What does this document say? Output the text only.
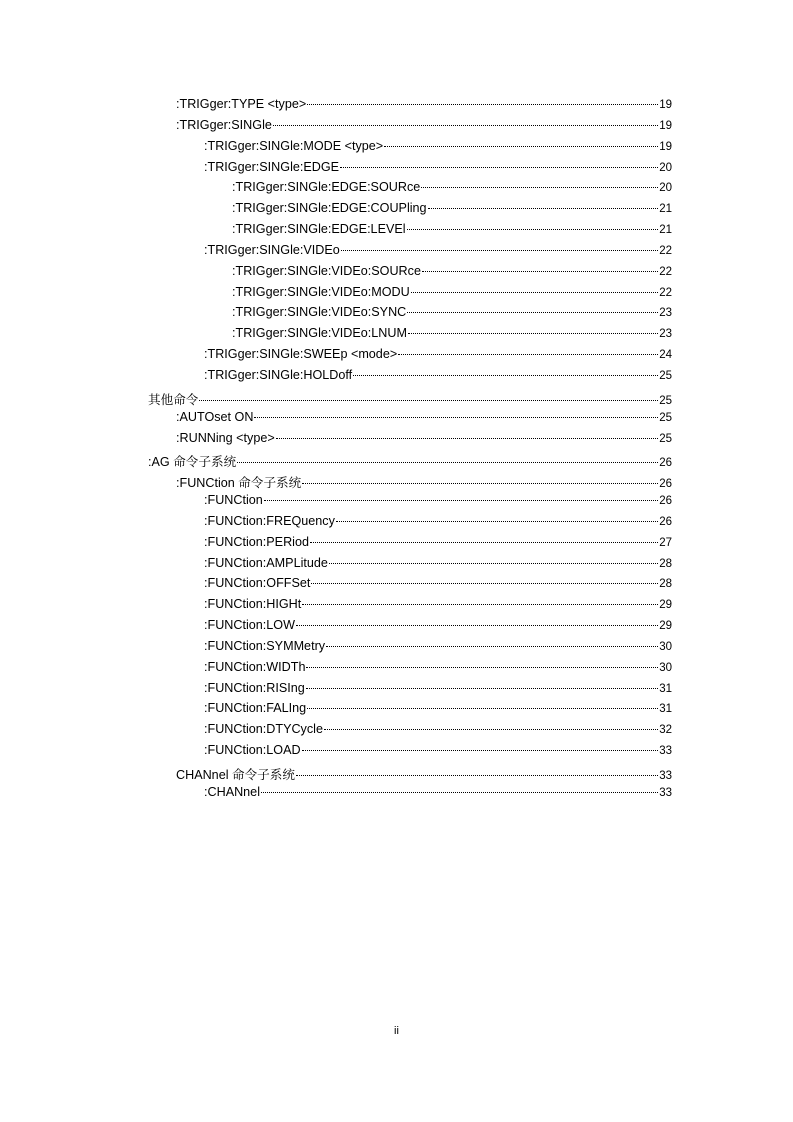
:TRIGger:TYPE <type>	19
:TRIGger:SINGle	19
:TRIGger:SINGle:MODE <type>	19
:TRIGger:SINGle:EDGE	20
:TRIGger:SINGle:EDGE:SOURce	20
:TRIGger:SINGle:EDGE:COUPling	21
:TRIGger:SINGle:EDGE:LEVEl	21
:TRIGger:SINGle:VIDEo	22
:TRIGger:SINGle:VIDEo:SOURce	22
:TRIGger:SINGle:VIDEo:MODU	22
:TRIGger:SINGle:VIDEo:SYNC	23
:TRIGger:SINGle:VIDEo:LNUM	23
:TRIGger:SINGle:SWEEp <mode>	24
:TRIGger:SINGle:HOLDoff	25
其他命令	25
:AUTOset ON	25
:RUNNing <type>	25
:AG 命令子系统	26
:FUNCtion 命令子系统	26
:FUNCtion	26
:FUNCtion:FREQuency	26
:FUNCtion:PERiod	27
:FUNCtion:AMPLitude	28
:FUNCtion:OFFSet	28
:FUNCtion:HIGHt	29
:FUNCtion:LOW	29
:FUNCtion:SYMMetry	30
:FUNCtion:WIDTh	30
:FUNCtion:RISIng	31
:FUNCtion:FALIng	31
:FUNCtion:DTYCycle	32
:FUNCtion:LOAD	33
CHANnel 命令子系统	33
:CHANnel	33
ii
